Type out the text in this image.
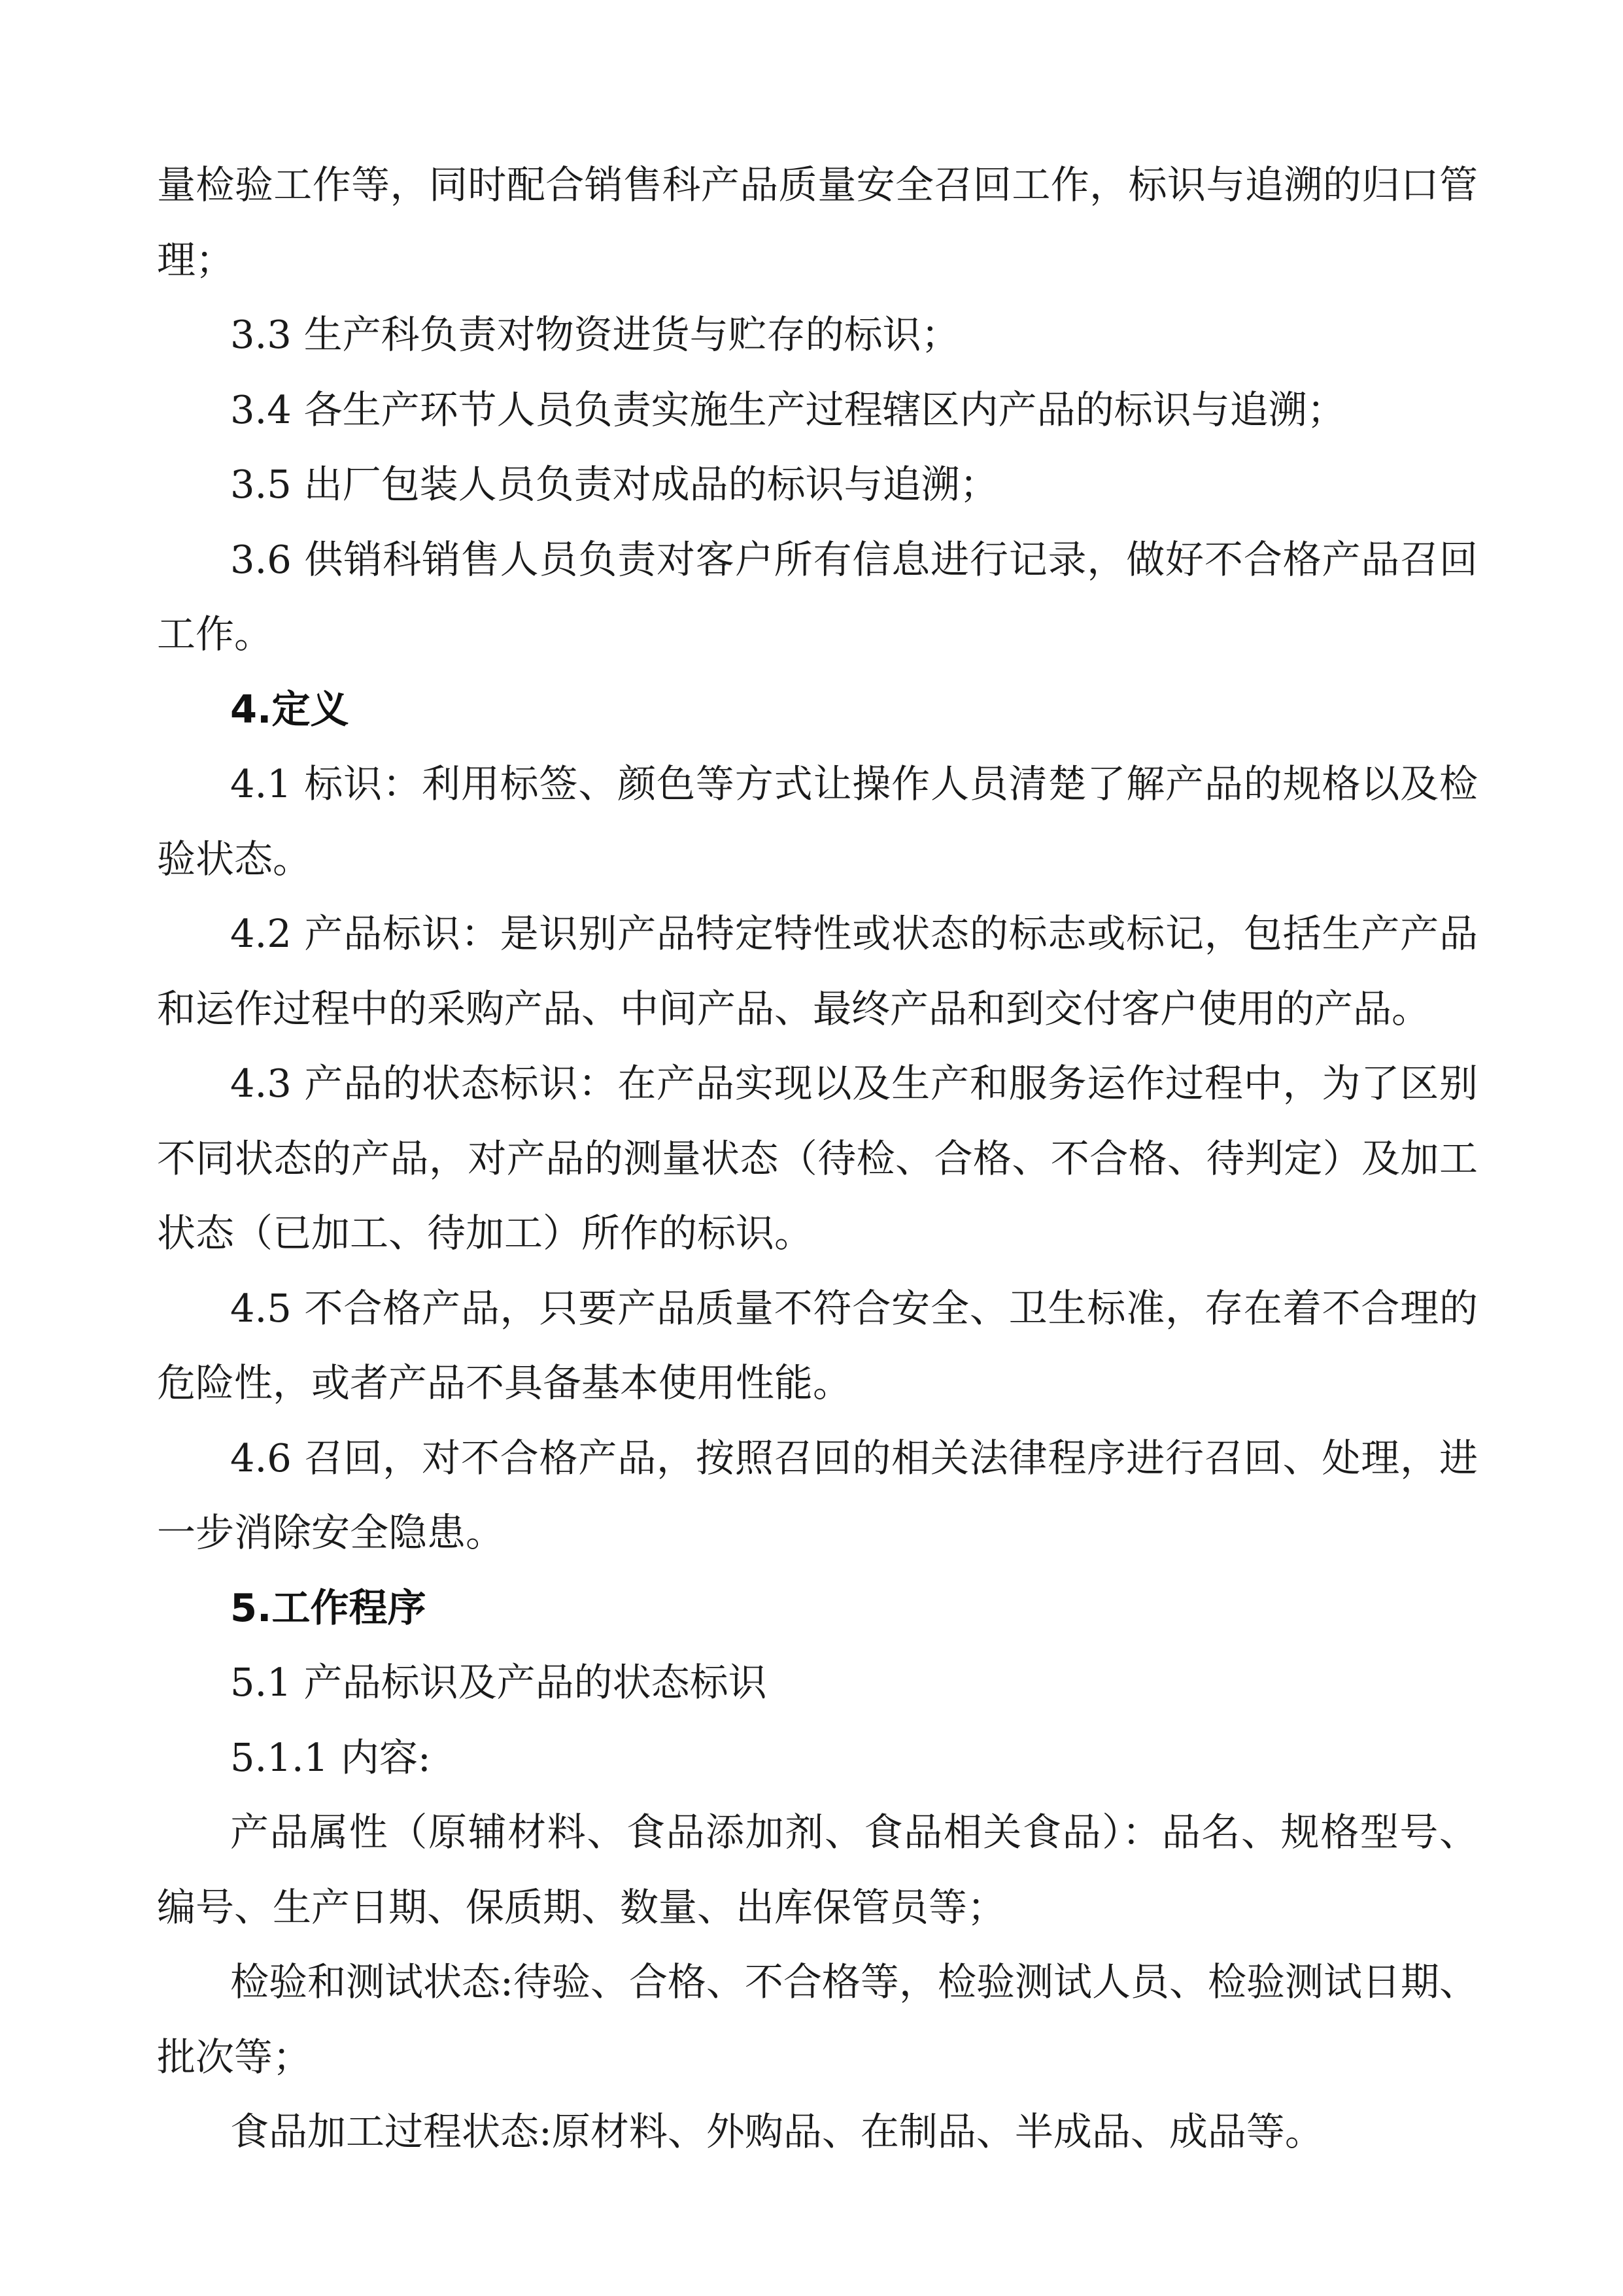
量检验工作等，同时配合销售科产品质量安全召回工作，标识与追溯的归口管理；

3.3 生产科负责对物资进货与贮存的标识；

3.4 各生产环节人员负责实施生产过程辖区内产品的标识与追溯；

3.5 出厂包装人员负责对成品的标识与追溯；

3.6 供销科销售人员负责对客户所有信息进行记录，做好不合格产品召回工作。

4.定义

4.1 标识：利用标签、颜色等方式让操作人员清楚了解产品的规格以及检验状态。

4.2 产品标识：是识别产品特定特性或状态的标志或标记，包括生产产品和运作过程中的采购产品、中间产品、最终产品和到交付客户使用的产品。

4.3 产品的状态标识：在产品实现以及生产和服务运作过程中，为了区别不同状态的产品，对产品的测量状态（待检、合格、不合格、待判定）及加工状态（已加工、待加工）所作的标识。

4.5 不合格产品，只要产品质量不符合安全、卫生标准，存在着不合理的危险性，或者产品不具备基本使用性能。

4.6 召回，对不合格产品，按照召回的相关法律程序进行召回、处理，进一步消除安全隐患。

5.工作程序

5.1 产品标识及产品的状态标识

5.1.1 内容:

产品属性（原辅材料、食品添加剂、食品相关食品）：品名、规格型号、编号、生产日期、保质期、数量、出库保管员等；

检验和测试状态:待验、合格、不合格等，检验测试人员、检验测试日期、批次等；

食品加工过程状态:原材料、外购品、在制品、半成品、成品等。
